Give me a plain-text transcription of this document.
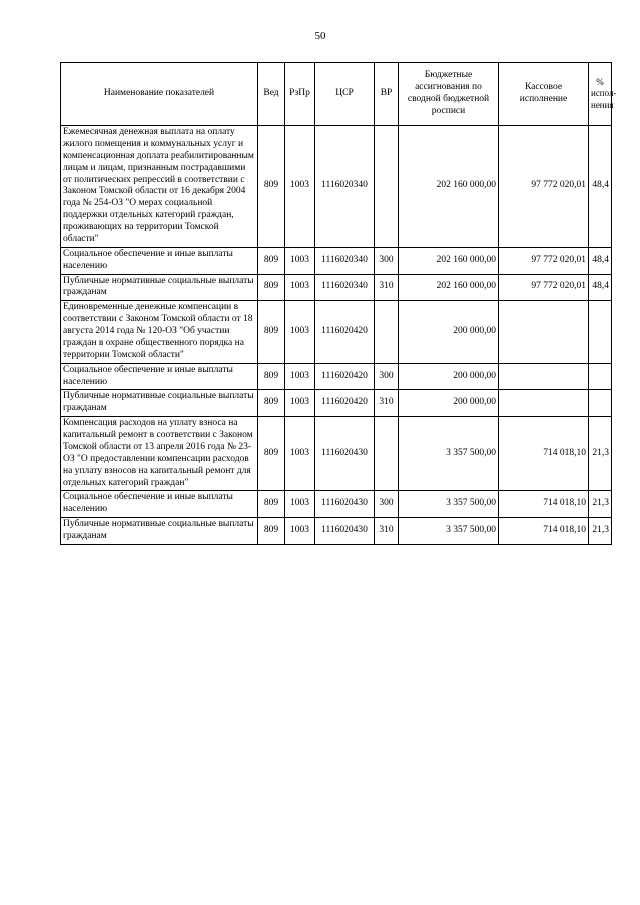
50
Наименование показателей	Вед	РзПр	ЦСР	ВР	Бюджетные ассигнования по сводной бюджетной росписи	Кассовое исполнение	% испол-нения
Ежемесячная денежная выплата на оплату жилого помещения и коммунальных услуг и компенсационная доплата реабилитированным лицам и лицам, признанным пострадавшими от политических репрессий в соответствии с Законом Томской области от 16 декабря 2004 года № 254-ОЗ "О мерах социальной поддержки отдельных категорий граждан, проживающих на территории Томской области"	809	1003	1116020340		202 160 000,00	97 772 020,01	48,4
Социальное обеспечение и иные выплаты населению	809	1003	1116020340	300	202 160 000,00	97 772 020,01	48,4
Публичные нормативные социальные выплаты гражданам	809	1003	1116020340	310	202 160 000,00	97 772 020,01	48,4
Единовременные денежные компенсации в соответствии с Законом Томской области от 18 августа 2014 года № 120-ОЗ "Об участии граждан в охране общественного порядка на территории Томской области"	809	1003	1116020420		200 000,00		
Социальное обеспечение и иные выплаты населению	809	1003	1116020420	300	200 000,00		
Публичные нормативные социальные выплаты гражданам	809	1003	1116020420	310	200 000,00		
Компенсация расходов на уплату взноса на капитальный ремонт в соответствии с Законом Томской области от 13 апреля 2016 года № 23-ОЗ "О предоставлении компенсации расходов на уплату взносов на капитальный ремонт для отдельных категорий граждан"	809	1003	1116020430		3 357 500,00	714 018,10	21,3
Социальное обеспечение и иные выплаты населению	809	1003	1116020430	300	3 357 500,00	714 018,10	21,3
Публичные нормативные социальные выплаты гражданам	809	1003	1116020430	310	3 357 500,00	714 018,10	21,3
